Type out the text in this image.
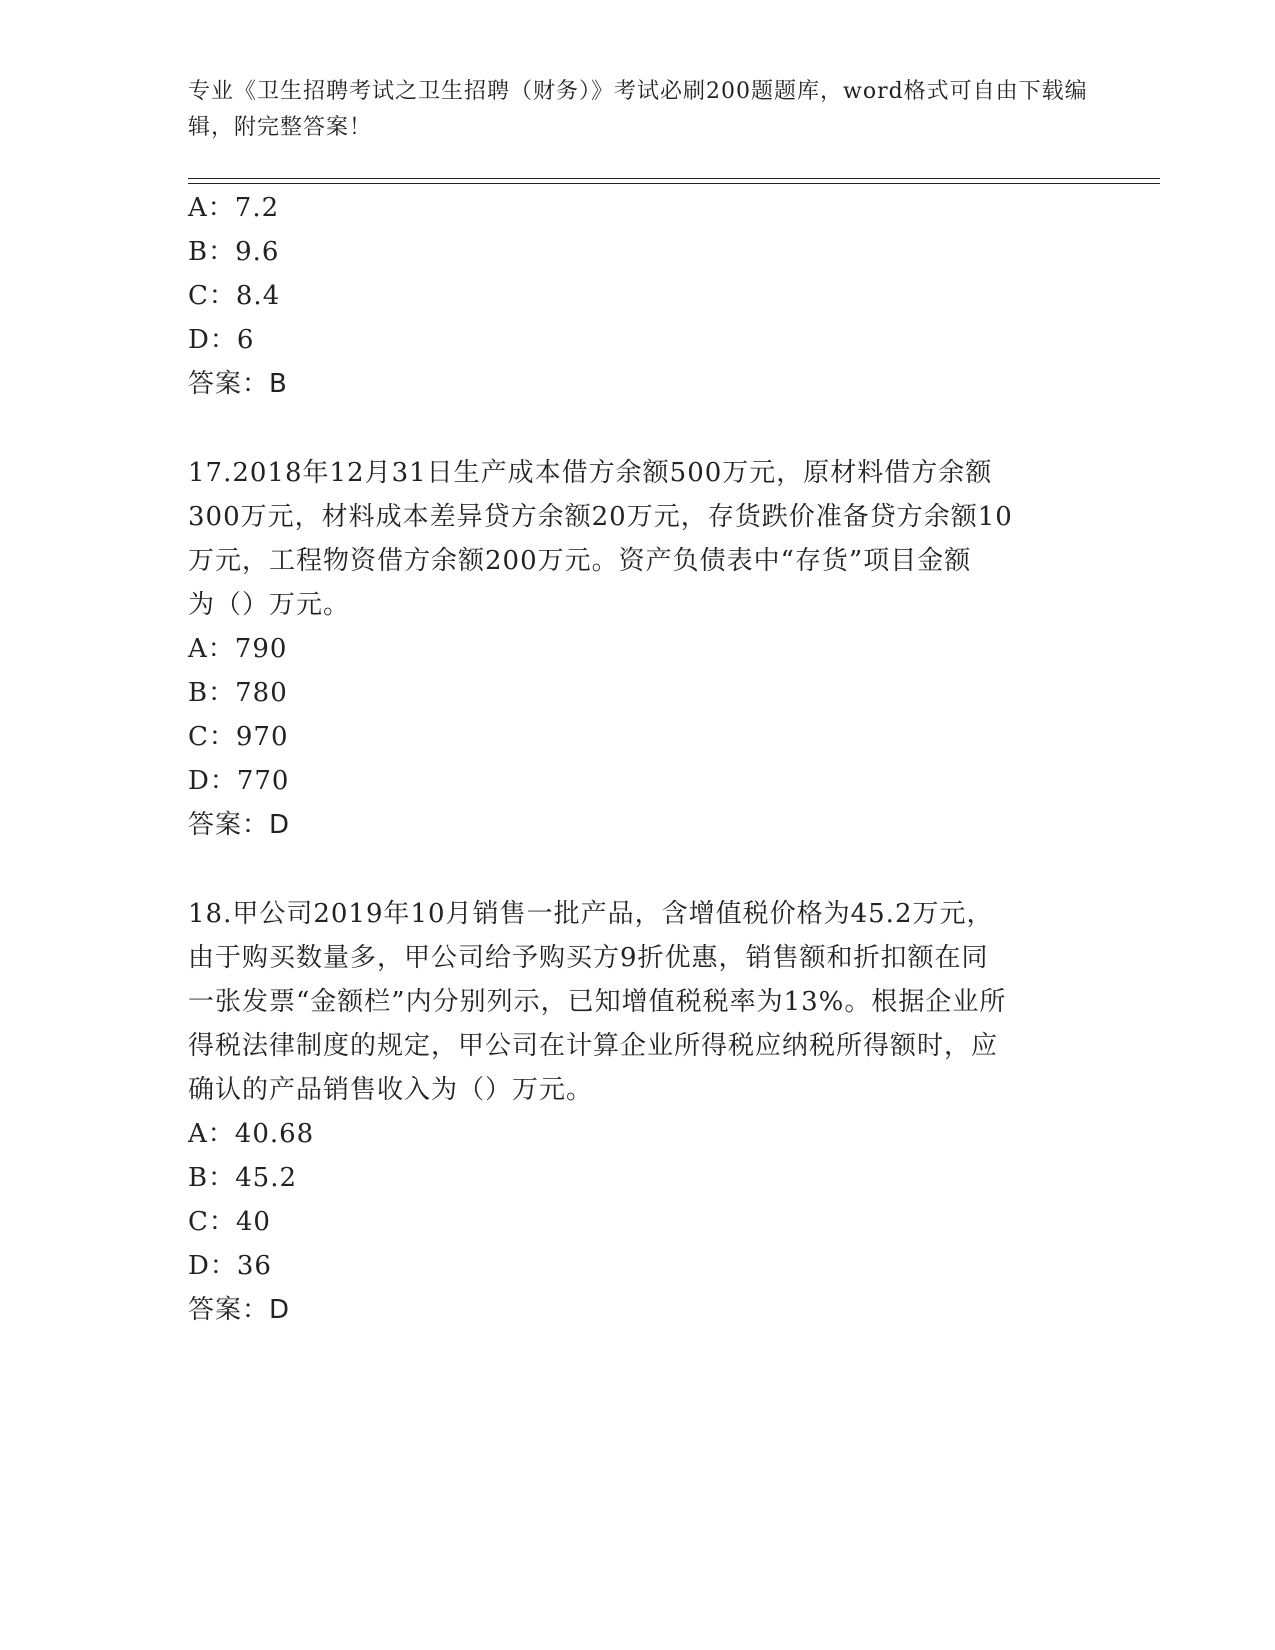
专业《卫生招聘考试之卫生招聘（财务）》考试必刷200题题库，word格式可自由下载编辑，附完整答案！
A：7.2
B：9.6
C：8.4
D：6
答案：B
17.2018年12月31日生产成本借方余额500万元，原材料借方余额
300万元，材料成本差异贷方余额20万元，存货跌价准备贷方余额10
万元，工程物资借方余额200万元。资产负债表中“存货”项目金额
为（）万元。
A：790
B：780
C：970
D：770
答案：D
18.甲公司2019年10月销售一批产品，含增值税价格为45.2万元，
由于购买数量多，甲公司给予购买方9折优惠，销售额和折扣额在同
一张发票“金额栏”内分别列示，已知增值税税率为13%。根据企业所
得税法律制度的规定，甲公司在计算企业所得税应纳税所得额时，应
确认的产品销售收入为（）万元。
A：40.68
B：45.2
C：40
D：36
答案：D
